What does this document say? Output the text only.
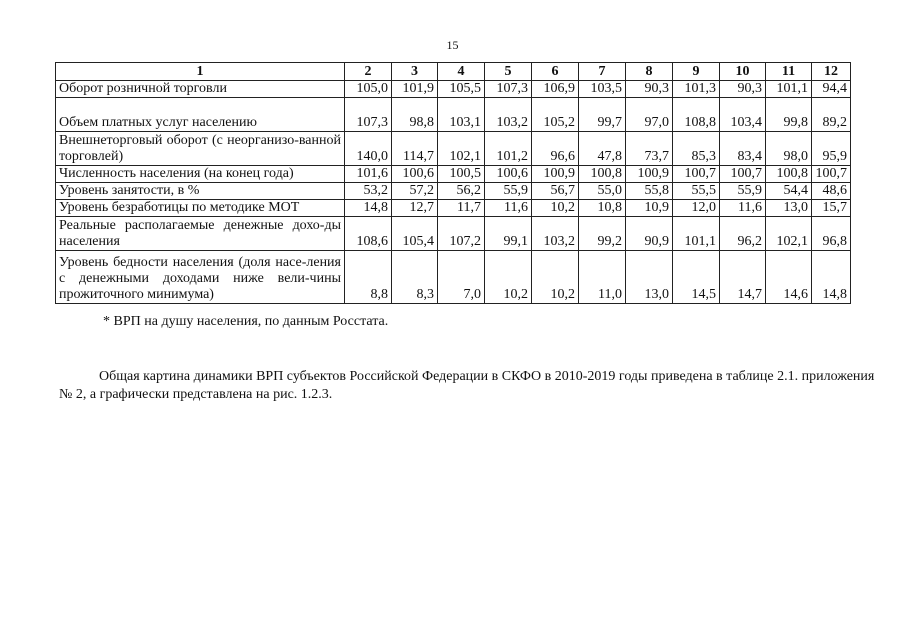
15
1	2	3	4	5	6	7	8	9	10	11	12
Оборот розничной торговли	105,0	101,9	105,5	107,3	106,9	103,5	90,3	101,3	90,3	101,1	94,4
Объем платных услуг населению	107,3	98,8	103,1	103,2	105,2	99,7	97,0	108,8	103,4	99,8	89,2
Внешнеторговый оборот (с неорганизо-ванной торговлей)	140,0	114,7	102,1	101,2	96,6	47,8	73,7	85,3	83,4	98,0	95,9
Численность населения (на конец года)	101,6	100,6	100,5	100,6	100,9	100,8	100,9	100,7	100,7	100,8	100,7
Уровень занятости, в %	53,2	57,2	56,2	55,9	56,7	55,0	55,8	55,5	55,9	54,4	48,6
Уровень безработицы по методике МОТ	14,8	12,7	11,7	11,6	10,2	10,8	10,9	12,0	11,6	13,0	15,7
Реальные располагаемые денежные дохо-ды населения	108,6	105,4	107,2	99,1	103,2	99,2	90,9	101,1	96,2	102,1	96,8
Уровень бедности населения (доля насе-ления с денежными доходами ниже вели-чины прожиточного минимума)	8,8	8,3	7,0	10,2	10,2	11,0	13,0	14,5	14,7	14,6	14,8
* ВРП на душу населения, по данным Росстата.
Общая картина динамики ВРП субъектов Российской Федерации в СКФО в 2010-2019 годы приведена в таблице 2.1. приложения № 2, а графически представлена на рис. 1.2.3.
